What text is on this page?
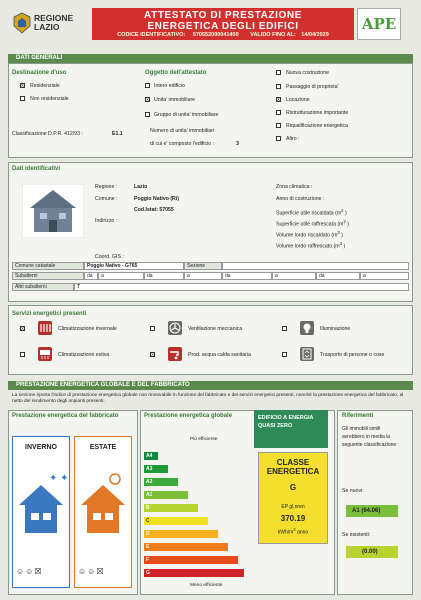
REGIONE LAZIO
ATTESTATO DI PRESTAZIONE
ENERGETICA DEGLI EDIFICI
CODICE IDENTIFICATIVO: 570552000041450 VALIDO FINO AL: 14/04/2029
APE
DATI GENERALI
Destinazione d'uso
X Residenziale
Non residenziale
Classificazione D.P.R. 412/93 :	E1.1
Oggetto dell'attestato
Intero edificio
X Unita' immobiliare
Gruppo di unita' immobiliare
Numero di unita' immobiliari
di cui e' composto l'edificio :	3
Nuova costruzione
Passaggio di proprieta'
X Locazione
Ristrutturazione importante
Riqualificazione energetica
Altro :
Dati identificativi
Regione :	Lazio
Comune :	Poggio Nativo (Ri)
Cod.Istat: 57055
Indirizzo :
Coord. GIS :
Zona climatica :
Anno di costruzione :
Superficie utile riscaldata ($m^2$ )
Superficie utile raffrescata ($m^2$ )
Volume lordo riscaldato ($m^3$ )
Volume lordo raffrescato ($m^3$ )
Comune catastale	Poggio Nativo - G765	Sezione
Subalterni	da	a	da	a	da	a	da	a
Altri subalterni	7
Servizi energetici presenti
X	Climatizzazione invernale
Climatizzazione estiva
Ventilazione meccanica
X	Prod. acqua calda sanitaria
Illuminazione
Trasporto di persone o cose
PRESTAZIONE ENERGETICA GLOBALE E DEL FABBRICATO
La sezione riporta l'indice di prestazione energetica globale non rinnovabile in funzione del fabbricato e dei servizi energetici presenti, nonché la prestazione energetica del fabbricato, al netto del rendimento degli impianti presenti.
Prestazione energetica del fabbricato
INVERNO
✦ ✦
☺☺☒
ESTATE
☺☺☒
Prestazione energetica globale
Più efficiente
Meno efficiente
A4
A3
A2
A1
B
C
D
E
F
G
EDIFICIO A ENERGIA QUASI ZERO
CLASSE ENERGETICA
G
EP gl,nren
370.19
kWh/$m^2$ anno
Riferimenti
Gli immobili simili avrebbero in media la seguente classificazione:
Se nuovi:
A1 (64.06)
Se esistenti:
(0.00)
